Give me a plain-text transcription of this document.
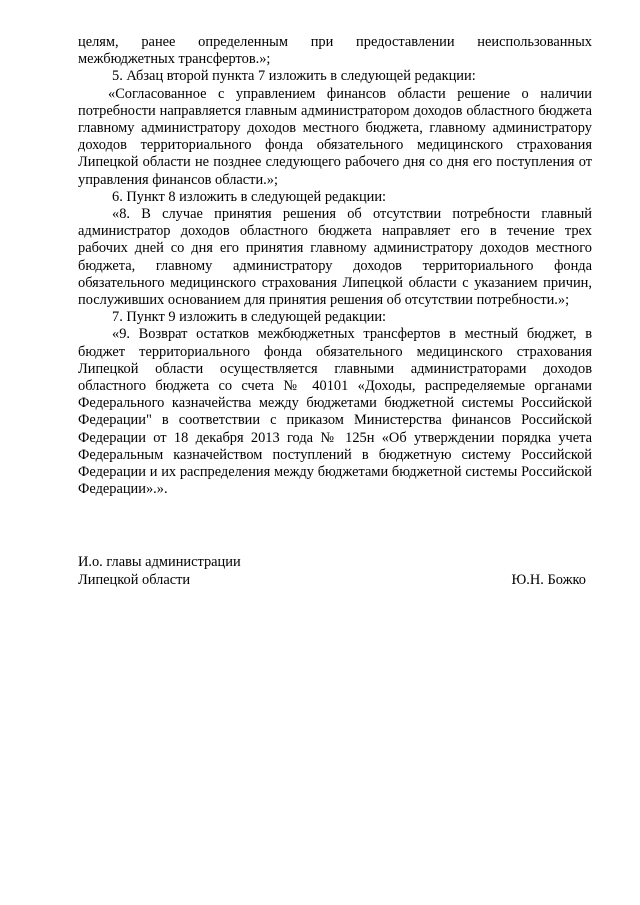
целям, ранее определенным при предоставлении неиспользованных межбюджетных трансфертов.»;

5. Абзац второй пункта 7 изложить в следующей редакции:

«Согласованное с управлением финансов области решение о наличии потребности направляется главным администратором доходов областного бюджета главному администратору доходов местного бюджета, главному администратору доходов территориального фонда обязательного медицинского страхования Липецкой области не позднее следующего рабочего дня со дня его поступления от управления финансов области.»;

6. Пункт 8 изложить в следующей редакции:

«8. В случае принятия решения об отсутствии потребности главный администратор доходов областного бюджета направляет его в течение трех рабочих дней со дня его принятия главному администратору доходов местного бюджета, главному администратору доходов территориального фонда обязательного медицинского страхования Липецкой области с указанием причин, послуживших основанием для принятия решения об отсутствии потребности.»;

7. Пункт 9 изложить в следующей редакции:

«9. Возврат остатков межбюджетных трансфертов в местный бюджет, в бюджет территориального фонда обязательного медицинского страхования Липецкой области осуществляется главными администраторами доходов областного бюджета со счета № 40101 «Доходы, распределяемые органами Федерального казначейства между бюджетами бюджетной системы Российской Федерации" в соответствии с приказом Министерства финансов Российской Федерации от 18 декабря 2013 года № 125н «Об утверждении порядка учета Федеральным казначейством поступлений в бюджетную систему Российской Федерации и их распределения между бюджетами бюджетной системы Российской Федерации».».

И.о. главы администрации
Липецкой области	Ю.Н. Божко
